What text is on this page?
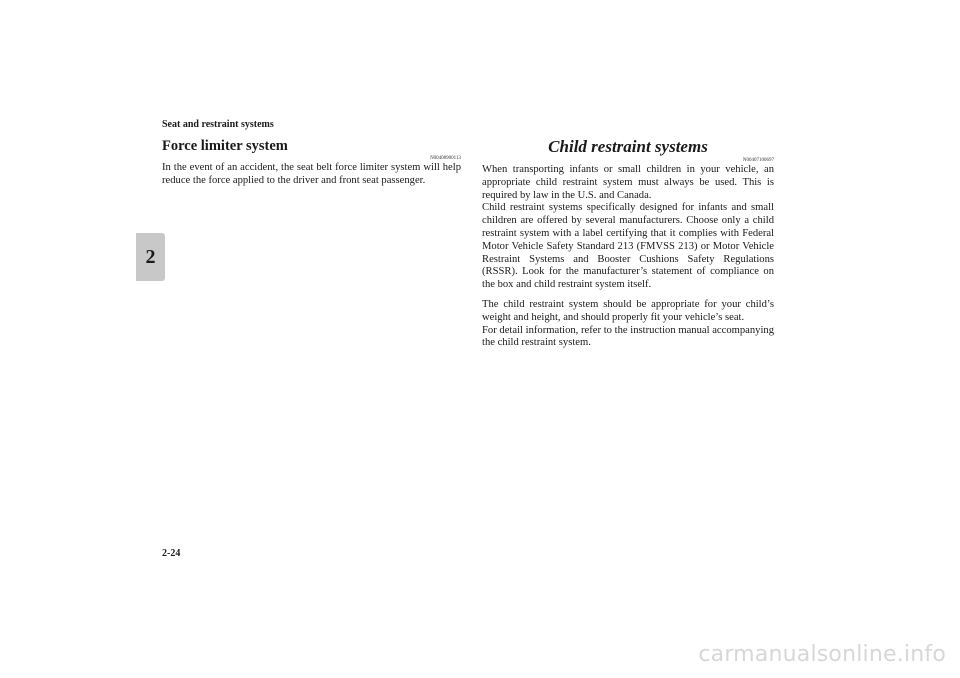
Seat and restraint systems
2
Force limiter system

N00408900113

In the event of an accident, the seat belt force limiter system will help reduce the force applied to the driver and front seat passenger.

Child restraint systems

N00407100697

When transporting infants or small children in your vehicle, an appropriate child restraint system must always be used. This is required by law in the U.S. and Canada.

Child restraint systems specifically designed for infants and small children are offered by several manufacturers. Choose only a child restraint system with a label certifying that it complies with Federal Motor Vehicle Safety Standard 213 (FMVSS 213) or Motor Vehicle Restraint Systems and Booster Cushions Safety Regulations (RSSR). Look for the manufacturer’s statement of compliance on the box and child restraint system itself.

The child restraint system should be appropriate for your child’s weight and height, and should properly fit your vehicle’s seat.

For detail information, refer to the instruction manual accompanying the child restraint system.

2-24
carmanualsonline.info
